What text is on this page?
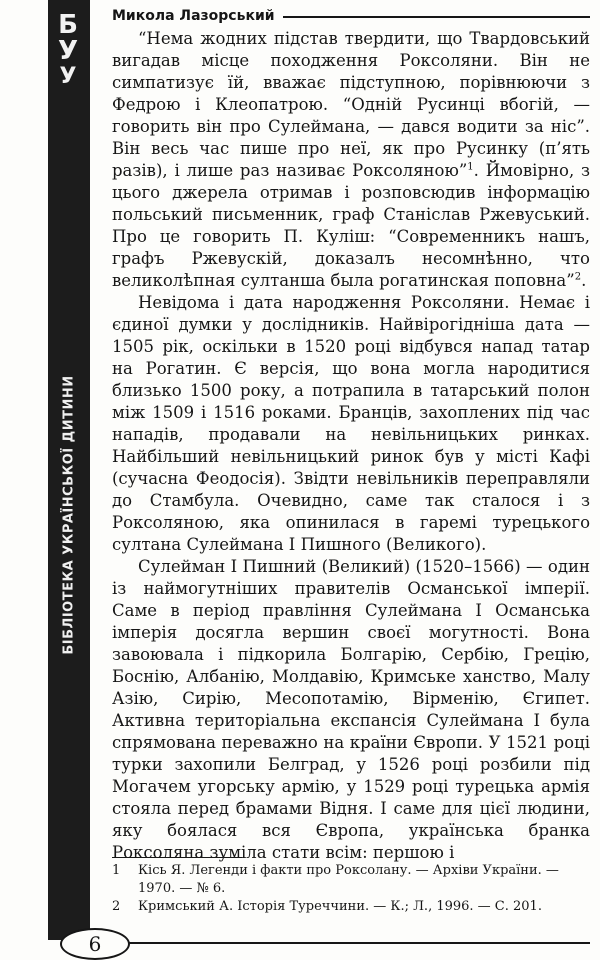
Б
У
У
БІБЛІОТЕКА УКРАЇНСЬКОЇ ДИТИНИ
Микола Лазорський

“Нема жодних підстав твердити, що Твардовський вигадав місце походження Роксоляни. Він не симпатизує їй, вважає підступною, порівнюючи з Федрою і Клеопатрою. “Одній Русинці вбогій, — говорить він про Сулеймана, — дався водити за ніс”. Він весь час пише про неї, як про Русинку (п’ять разів), і лише раз називає Роксоляною”$^1$. Ймовірно, з цього джерела отримав і розповсюдив інформацію польський письменник, граф Станіслав Ржевуський. Про це говорить П. Куліш: “Современникъ нашъ, графъ Ржевускій, доказалъ несомнѣнно, что великолѣпная султанша была рогатинская поповна”$^2$.

Невідома і дата народження Роксоляни. Немає і єдиної думки у дослідників. Найвірогідніша дата — 1505 рік, оскільки в 1520 році відбувся напад татар на Рогатин. Є версія, що вона могла народитися близько 1500 року, а потрапила в татарський полон між 1509 і 1516 роками. Бранців, захоплених під час нападів, продавали на невільницьких ринках. Найбільший невільницький ринок був у місті Кафі (сучасна Феодосія). Звідти невільників переправляли до Стамбула. Очевидно, саме так сталося і з Роксоляною, яка опинилася в гаремі турецького султана Сулеймана І Пишного (Великого).

Сулейман І Пишний (Великий) (1520–1566) — один із наймогутніших правителів Османської імперії. Саме в період правління Сулеймана І Османська імперія досягла вершин своєї могутності. Вона завоювала і підкорила Болгарію, Сербію, Грецію, Боснію, Албанію, Молдавію, Кримське ханство, Малу Азію, Сирію, Месопотамію, Вірменію, Єгипет. Активна територіальна експансія Сулеймана І була спрямована переважно на країни Європи. У 1521 році турки захопили Белград, у 1526 році розбили під Могачем угорську армію, у 1529 році турецька армія стояла перед брамами Відня. І саме для цієї людини, яку боялася вся Європа, українська бранка Роксоляна зуміла стати всім: першою і

1	Кісь Я. Легенди і факти про Роксолану. — Архіви України. —
1970. — № 6.
2	Кримський А. Історія Туреччини. — К.; Л., 1996. — С. 201.
6
